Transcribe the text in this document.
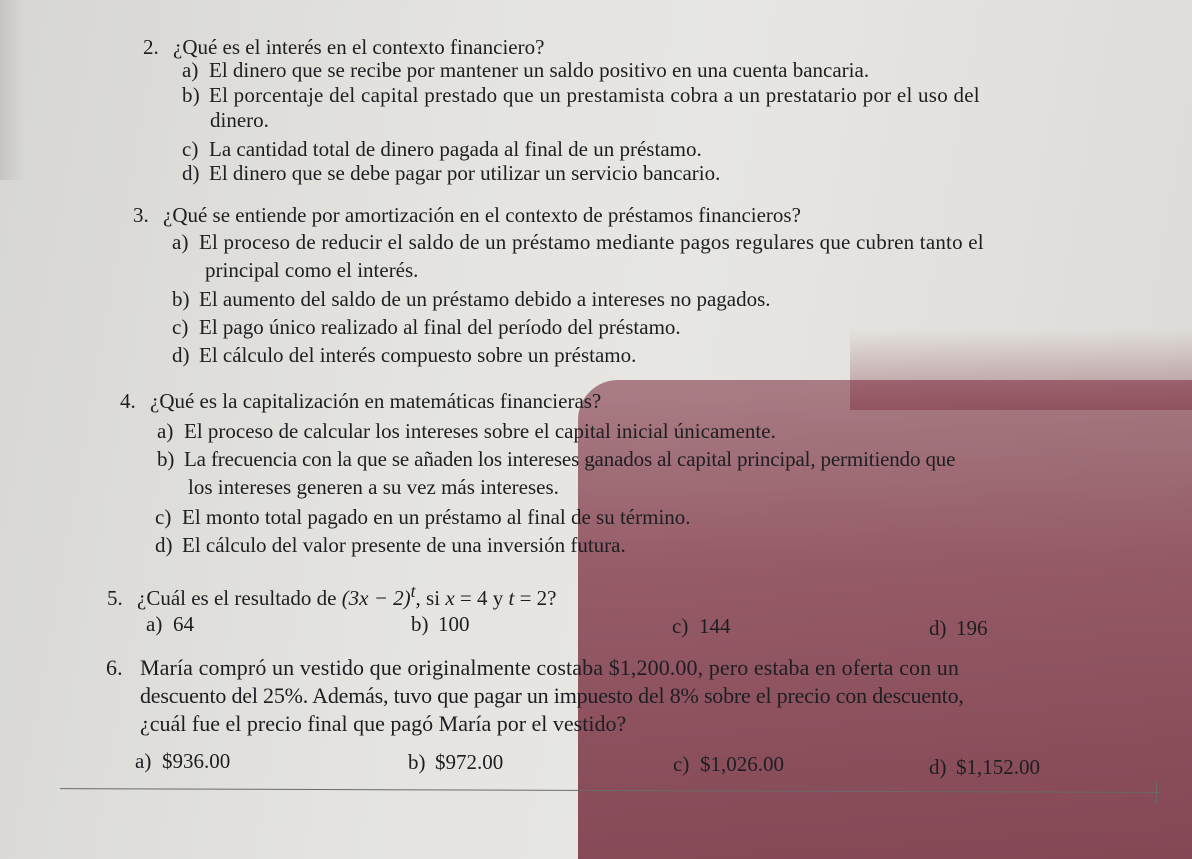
2. ¿Qué es el interés en el contexto financiero?
a) El dinero que se recibe por mantener un saldo positivo en una cuenta bancaria.
b) El porcentaje del capital prestado que un prestamista cobra a un prestatario por el uso del
dinero.
c) La cantidad total de dinero pagada al final de un préstamo.
d) El dinero que se debe pagar por utilizar un servicio bancario.
3. ¿Qué se entiende por amortización en el contexto de préstamos financieros?
a) El proceso de reducir el saldo de un préstamo mediante pagos regulares que cubren tanto el
principal como el interés.
b) El aumento del saldo de un préstamo debido a intereses no pagados.
c) El pago único realizado al final del período del préstamo.
d) El cálculo del interés compuesto sobre un préstamo.
4. ¿Qué es la capitalización en matemáticas financieras?
a) El proceso de calcular los intereses sobre el capital inicial únicamente.
b) La frecuencia con la que se añaden los intereses ganados al capital principal, permitiendo que
los intereses generen a su vez más intereses.
c) El monto total pagado en un préstamo al final de su término.
d) El cálculo del valor presente de una inversión futura.
5. ¿Cuál es el resultado de $(3x - 2)^t$, si x = 4 y t = 2?
a) 64	b) 100	c) 144	d) 196
6. María compró un vestido que originalmente costaba $1,200.00, pero estaba en oferta con un
descuento del 25%. Además, tuvo que pagar un impuesto del 8% sobre el precio con descuento,
¿cuál fue el precio final que pagó María por el vestido?
a) $936.00	b) $972.00	c) $1,026.00	d) $1,152.00
